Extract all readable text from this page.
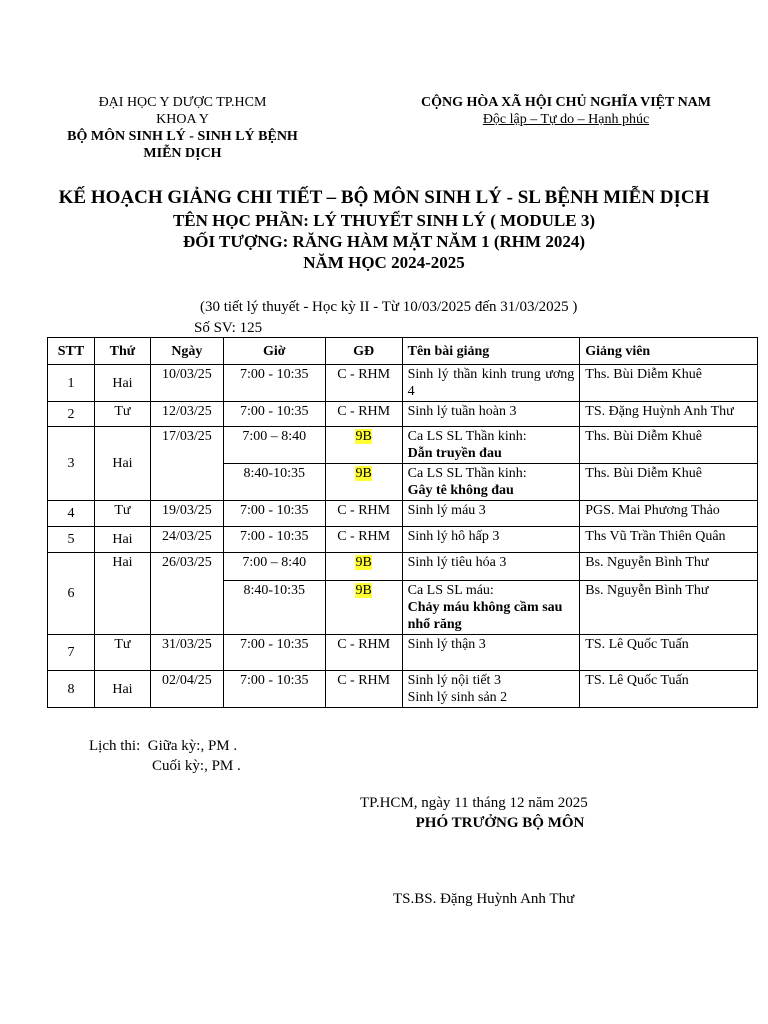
ĐẠI HỌC Y DƯỢC TP.HCM
KHOA Y
BỘ MÔN SINH LÝ - SINH LÝ BỆNH
MIỄN DỊCH
CỘNG HÒA XÃ HỘI CHỦ NGHĨA VIỆT NAM
Độc lập – Tự do – Hạnh phúc
KẾ HOẠCH GIẢNG CHI TIẾT – BỘ MÔN SINH LÝ - SL BỆNH MIỄN DỊCH
TÊN HỌC PHẦN: LÝ THUYẾT SINH LÝ ( MODULE 3)
ĐỐI TƯỢNG: RĂNG HÀM MẶT NĂM 1 (RHM 2024)
NĂM HỌC 2024-2025
(30 tiết lý thuyết - Học kỳ II - Từ 10/03/2025 đến 31/03/2025 )
Số SV: 125
STT	Thứ	Ngày	Giờ	GĐ	Tên bài giảng	Giảng viên
1	Hai	10/03/25	7:00 - 10:35	C - RHM	Sinh lý thần kinh trung ương 4	Ths. Bùi Diễm Khuê
2	Tư	12/03/25	7:00 - 10:35	C - RHM	Sinh lý tuần hoàn 3	TS. Đặng Huỳnh Anh Thư
3	Hai	17/03/25	7:00 – 8:40	9B	Ca LS SL Thần kinh:
Dẫn truyền đau	Ths. Bùi Diễm Khuê
			8:40-10:35	9B	Ca LS SL Thần kinh:
Gây tê không đau	Ths. Bùi Diễm Khuê
4	Tư	19/03/25	7:00 - 10:35	C - RHM	Sinh lý máu 3	PGS. Mai Phương Thảo
5	Hai	24/03/25	7:00 - 10:35	C - RHM	Sinh lý hô hấp 3	Ths Vũ Trần Thiên Quân
6	Hai	26/03/25	7:00 – 8:40	9B	Sinh lý tiêu hóa 3	Bs. Nguyễn Bình Thư
			8:40-10:35	9B	Ca LS SL máu:
Chảy máu không cầm sau nhổ răng	Bs. Nguyễn Bình Thư
7	Tư	31/03/25	7:00 - 10:35	C - RHM	Sinh lý thận 3	TS. Lê Quốc Tuấn
8	Hai	02/04/25	7:00 - 10:35	C - RHM	Sinh lý nội tiết 3
Sinh lý sinh sản 2	TS. Lê Quốc Tuấn
Lịch thi: Giữa kỳ:, PM .
Cuối kỳ:, PM .
TP.HCM, ngày 11 tháng 12 năm 2025
PHÓ TRƯỞNG BỘ MÔN
TS.BS. Đặng Huỳnh Anh Thư
